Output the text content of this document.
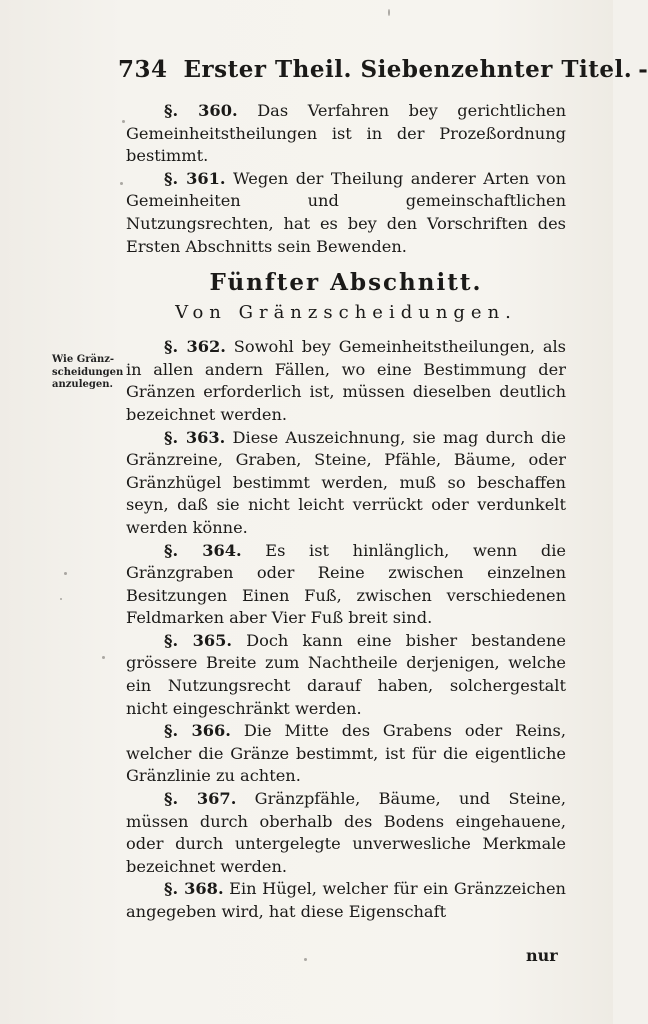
734 Erster Theil. Siebenzehnter Titel. -
Wie Gränz-
scheidungen
anzulegen.

§. 360. Das Verfahren bey gerichtlichen Gemeinheitstheilungen ist in der Prozeßordnung bestimmt.

§. 361. Wegen der Theilung anderer Arten von Gemeinheiten und gemeinschaftlichen Nutzungsrechten, hat es bey den Vorschriften des Ersten Abschnitts sein Bewenden.

Fünfter Abschnitt.
Von Gränzscheidungen.

§. 362. Sowohl bey Gemeinheitstheilungen, als in allen andern Fällen, wo eine Bestimmung der Gränzen erforderlich ist, müssen dieselben deutlich bezeichnet werden.

§. 363. Diese Auszeichnung, sie mag durch die Gränzreine, Graben, Steine, Pfähle, Bäume, oder Gränzhügel bestimmt werden, muß so beschaffen seyn, daß sie nicht leicht verrückt oder verdunkelt werden könne.

§. 364. Es ist hinlänglich, wenn die Gränzgraben oder Reine zwischen einzelnen Besitzungen Einen Fuß, zwischen verschiedenen Feldmarken aber Vier Fuß breit sind.

§. 365. Doch kann eine bisher bestandene grössere Breite zum Nachtheile derjenigen, welche ein Nutzungsrecht darauf haben, solchergestalt nicht eingeschränkt werden.

§. 366. Die Mitte des Grabens oder Reins, welcher die Gränze bestimmt, ist für die eigentliche Gränzlinie zu achten.

§. 367. Gränzpfähle, Bäume, und Steine, müssen durch oberhalb des Bodens eingehauene, oder durch untergelegte unverwesliche Merkmale bezeichnet werden.

§. 368. Ein Hügel, welcher für ein Gränzzeichen angegeben wird, hat diese Eigenschaft

nur
